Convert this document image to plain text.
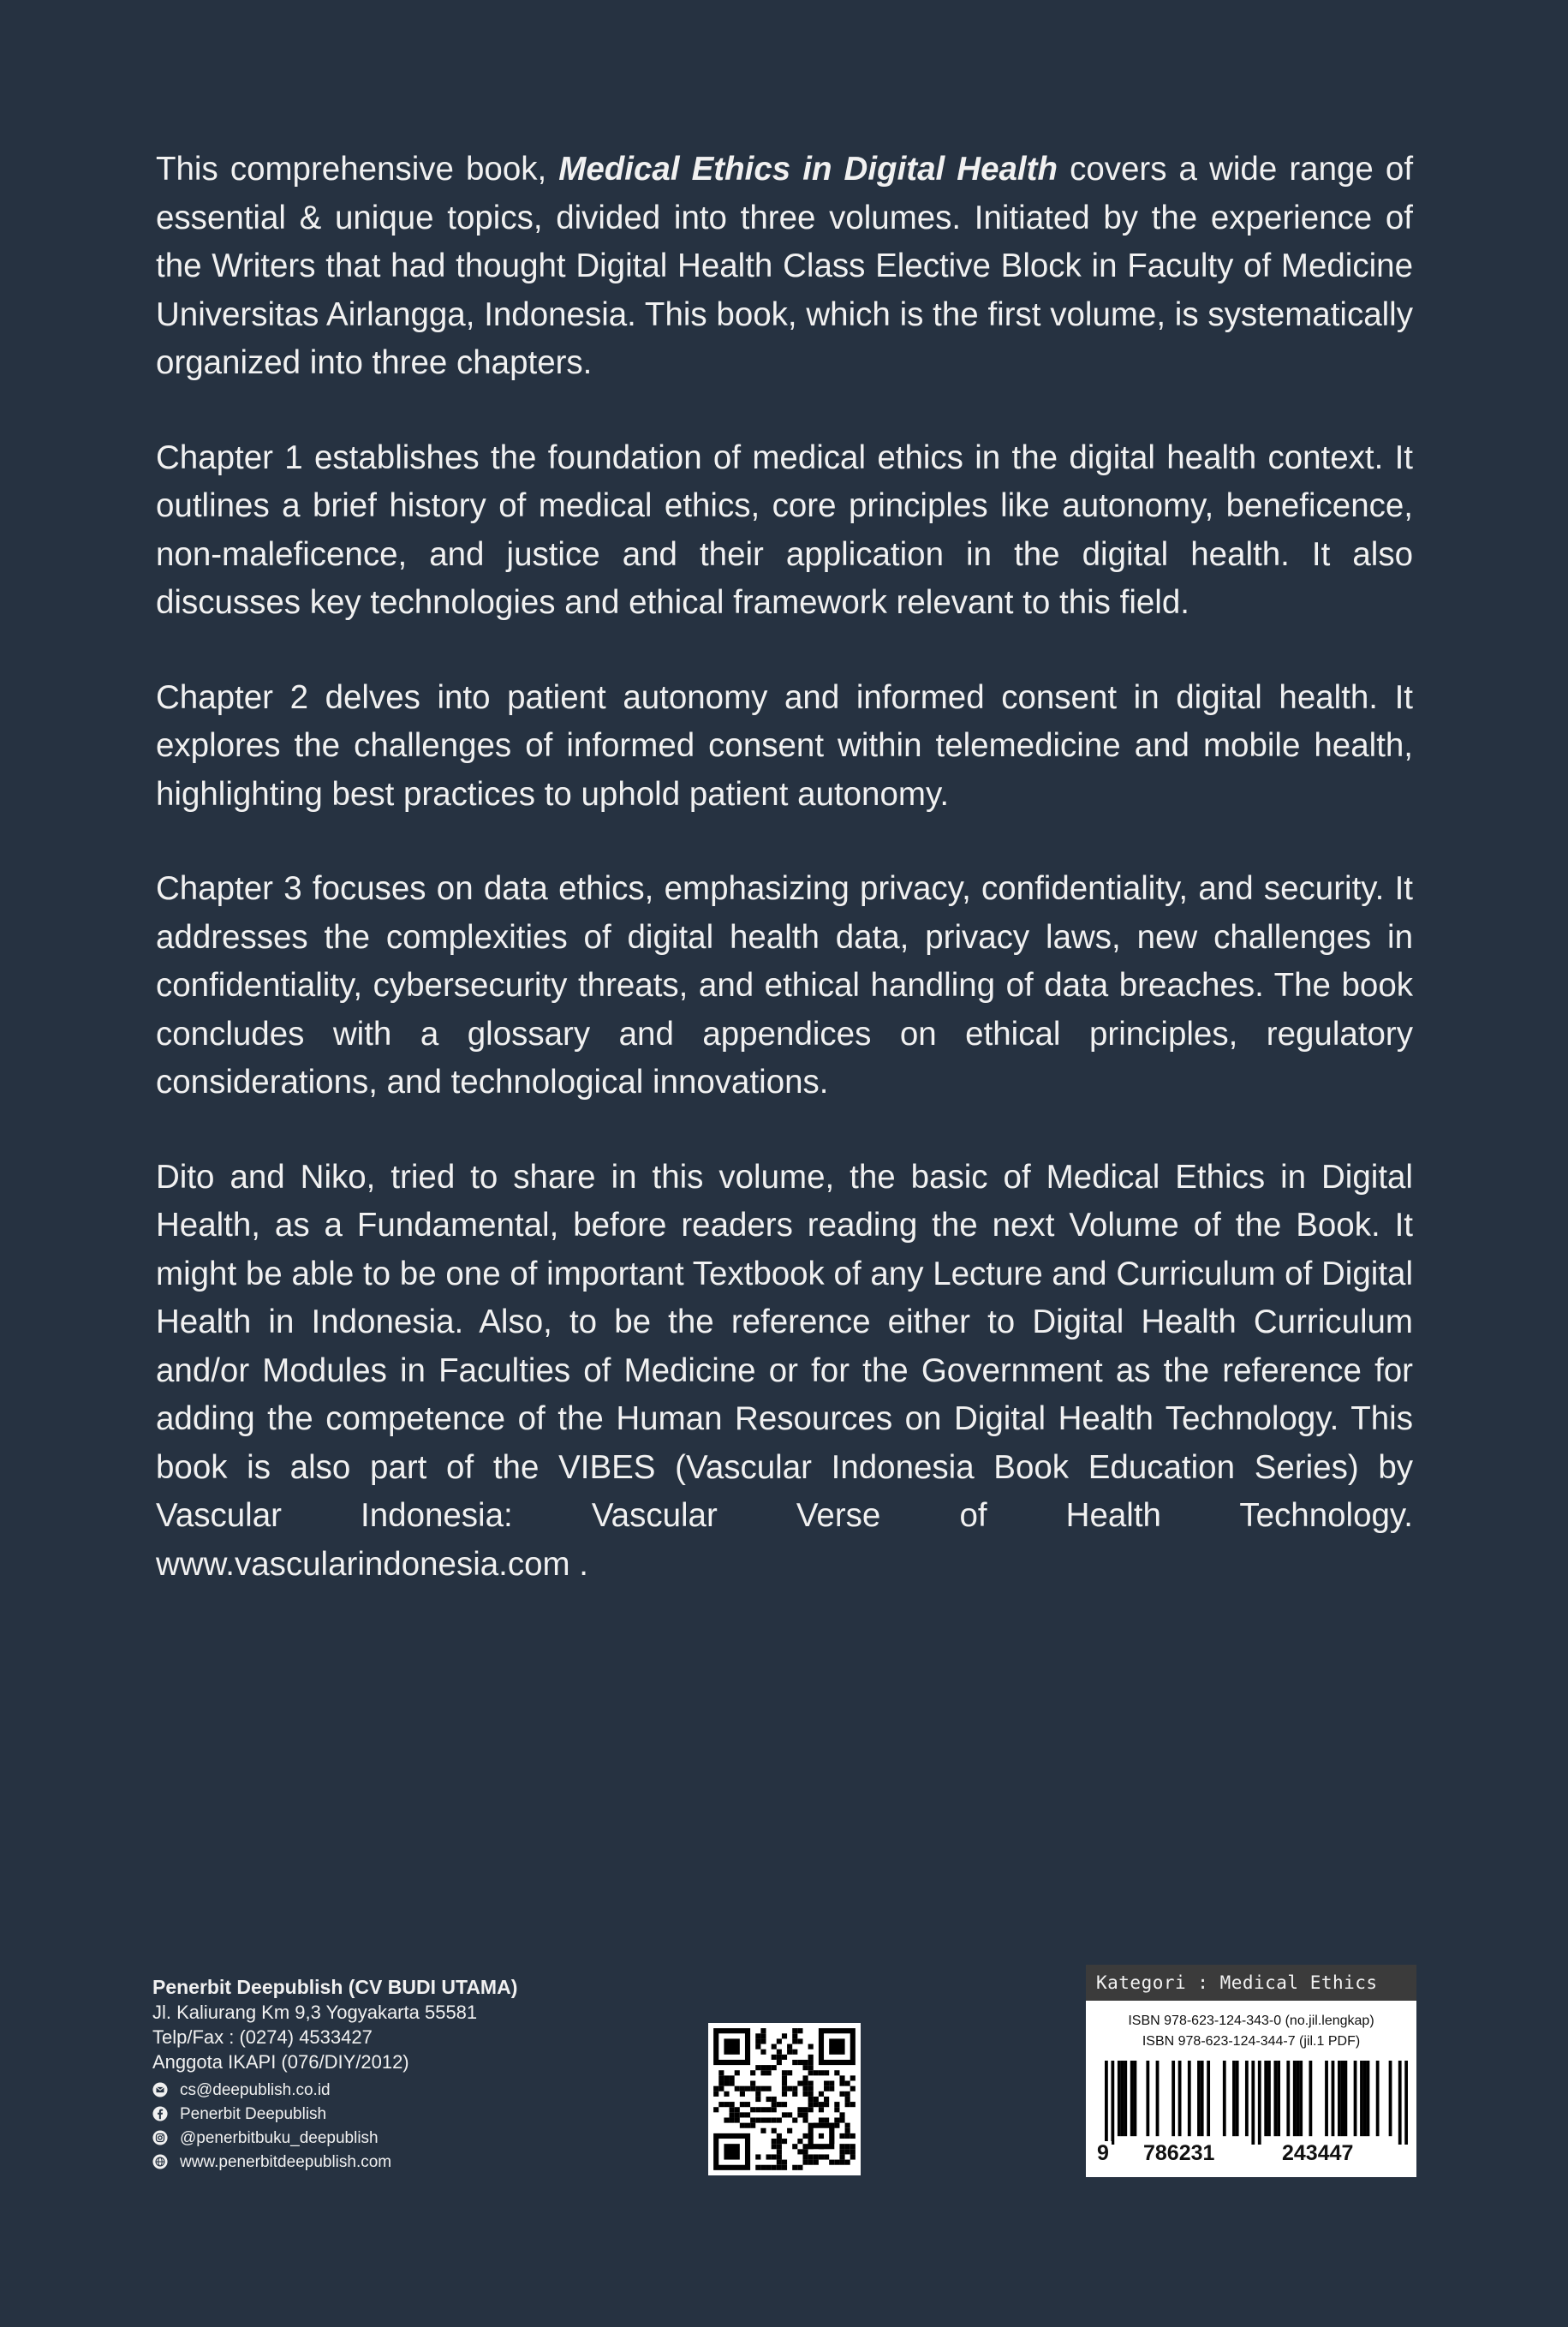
This comprehensive book, Medical Ethics in Digital Health covers a wide range of essential & unique topics, divided into three volumes. Initiated by the experience of the Writers that had thought Digital Health Class Elective Block in Faculty of Medicine Universitas Airlangga, Indonesia. This book, which is the first volume, is systematically organized into three chapters.

Chapter 1 establishes the foundation of medical ethics in the digital health context. It outlines a brief history of medical ethics, core principles like autonomy, beneficence, non-maleficence, and justice and their application in the digital health. It also discusses key technologies and ethical framework relevant to this field.

Chapter 2 delves into patient autonomy and informed consent in digital health. It explores the challenges of informed consent within telemedicine and mobile health, highlighting best practices to uphold patient autonomy.

Chapter 3 focuses on data ethics, emphasizing privacy, confidentiality, and security. It addresses the complexities of digital health data, privacy laws, new challenges in confidentiality, cybersecurity threats, and ethical handling of data breaches. The book concludes with a glossary and appendices on ethical principles, regulatory considerations, and technological innovations.

Dito and Niko, tried to share in this volume, the basic of Medical Ethics in Digital Health, as a Fundamental, before readers reading the next Volume of the Book. It might be able to be one of important Textbook of any Lecture and Curriculum of Digital Health in Indonesia. Also, to be the reference either to Digital Health Curriculum and/or Modules in Faculties of Medicine or for the Government as the reference for adding the competence of the Human Resources on Digital Health Technology. This book is also part of the VIBES (Vascular Indonesia Book Education Series) by Vascular Indonesia: Vascular Verse of Health Technology. www.vascularindonesia.com .

Penerbit Deepublish (CV BUDI UTAMA)
Jl. Kaliurang Km 9,3 Yogyakarta 55581
Telp/Fax : (0274) 4533427
Anggota IKAPI (076/DIY/2012)
cs@deepublish.co.id
Penerbit Deepublish
@penerbitbuku_deepublish
www.penerbitdeepublish.com
Kategori : Medical Ethics
ISBN 978-623-124-343-0 (no.jil.lengkap)
ISBN 978-623-124-344-7 (jil.1 PDF)
9 786231	243447
